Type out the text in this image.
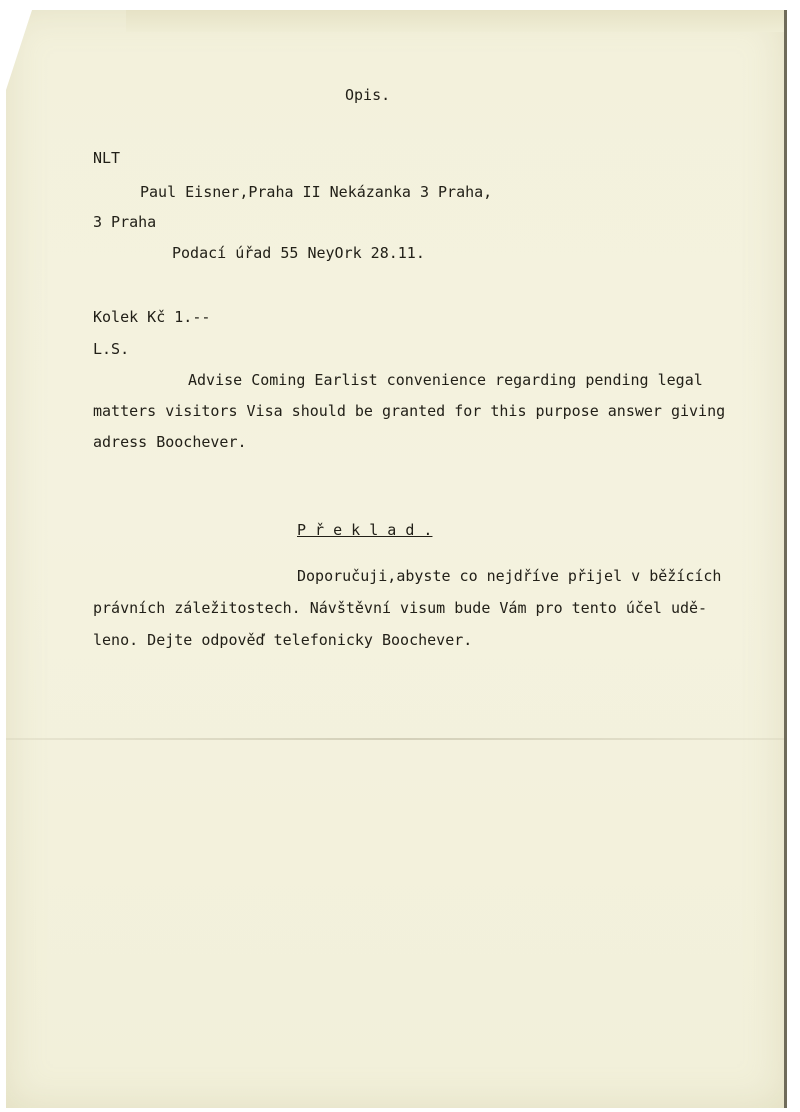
Opis.
NLT
Paul Eisner,Praha II Nekázanka 3 Praha,
3 Praha
Podací úřad 55 NeyOrk 28.11.
Kolek Kč 1.--
L.S.
Advise Coming Earlist convenience regarding pending legal
matters visitors Visa should be granted for this purpose answer giving
adress Boochever.
P ř e k l a d .
Doporučuji,abyste co nejdříve přijel v běžících
právních záležitostech. Návštěvní visum bude Vám pro tento účel udě-
leno. Dejte odpověď telefonicky Boochever.
